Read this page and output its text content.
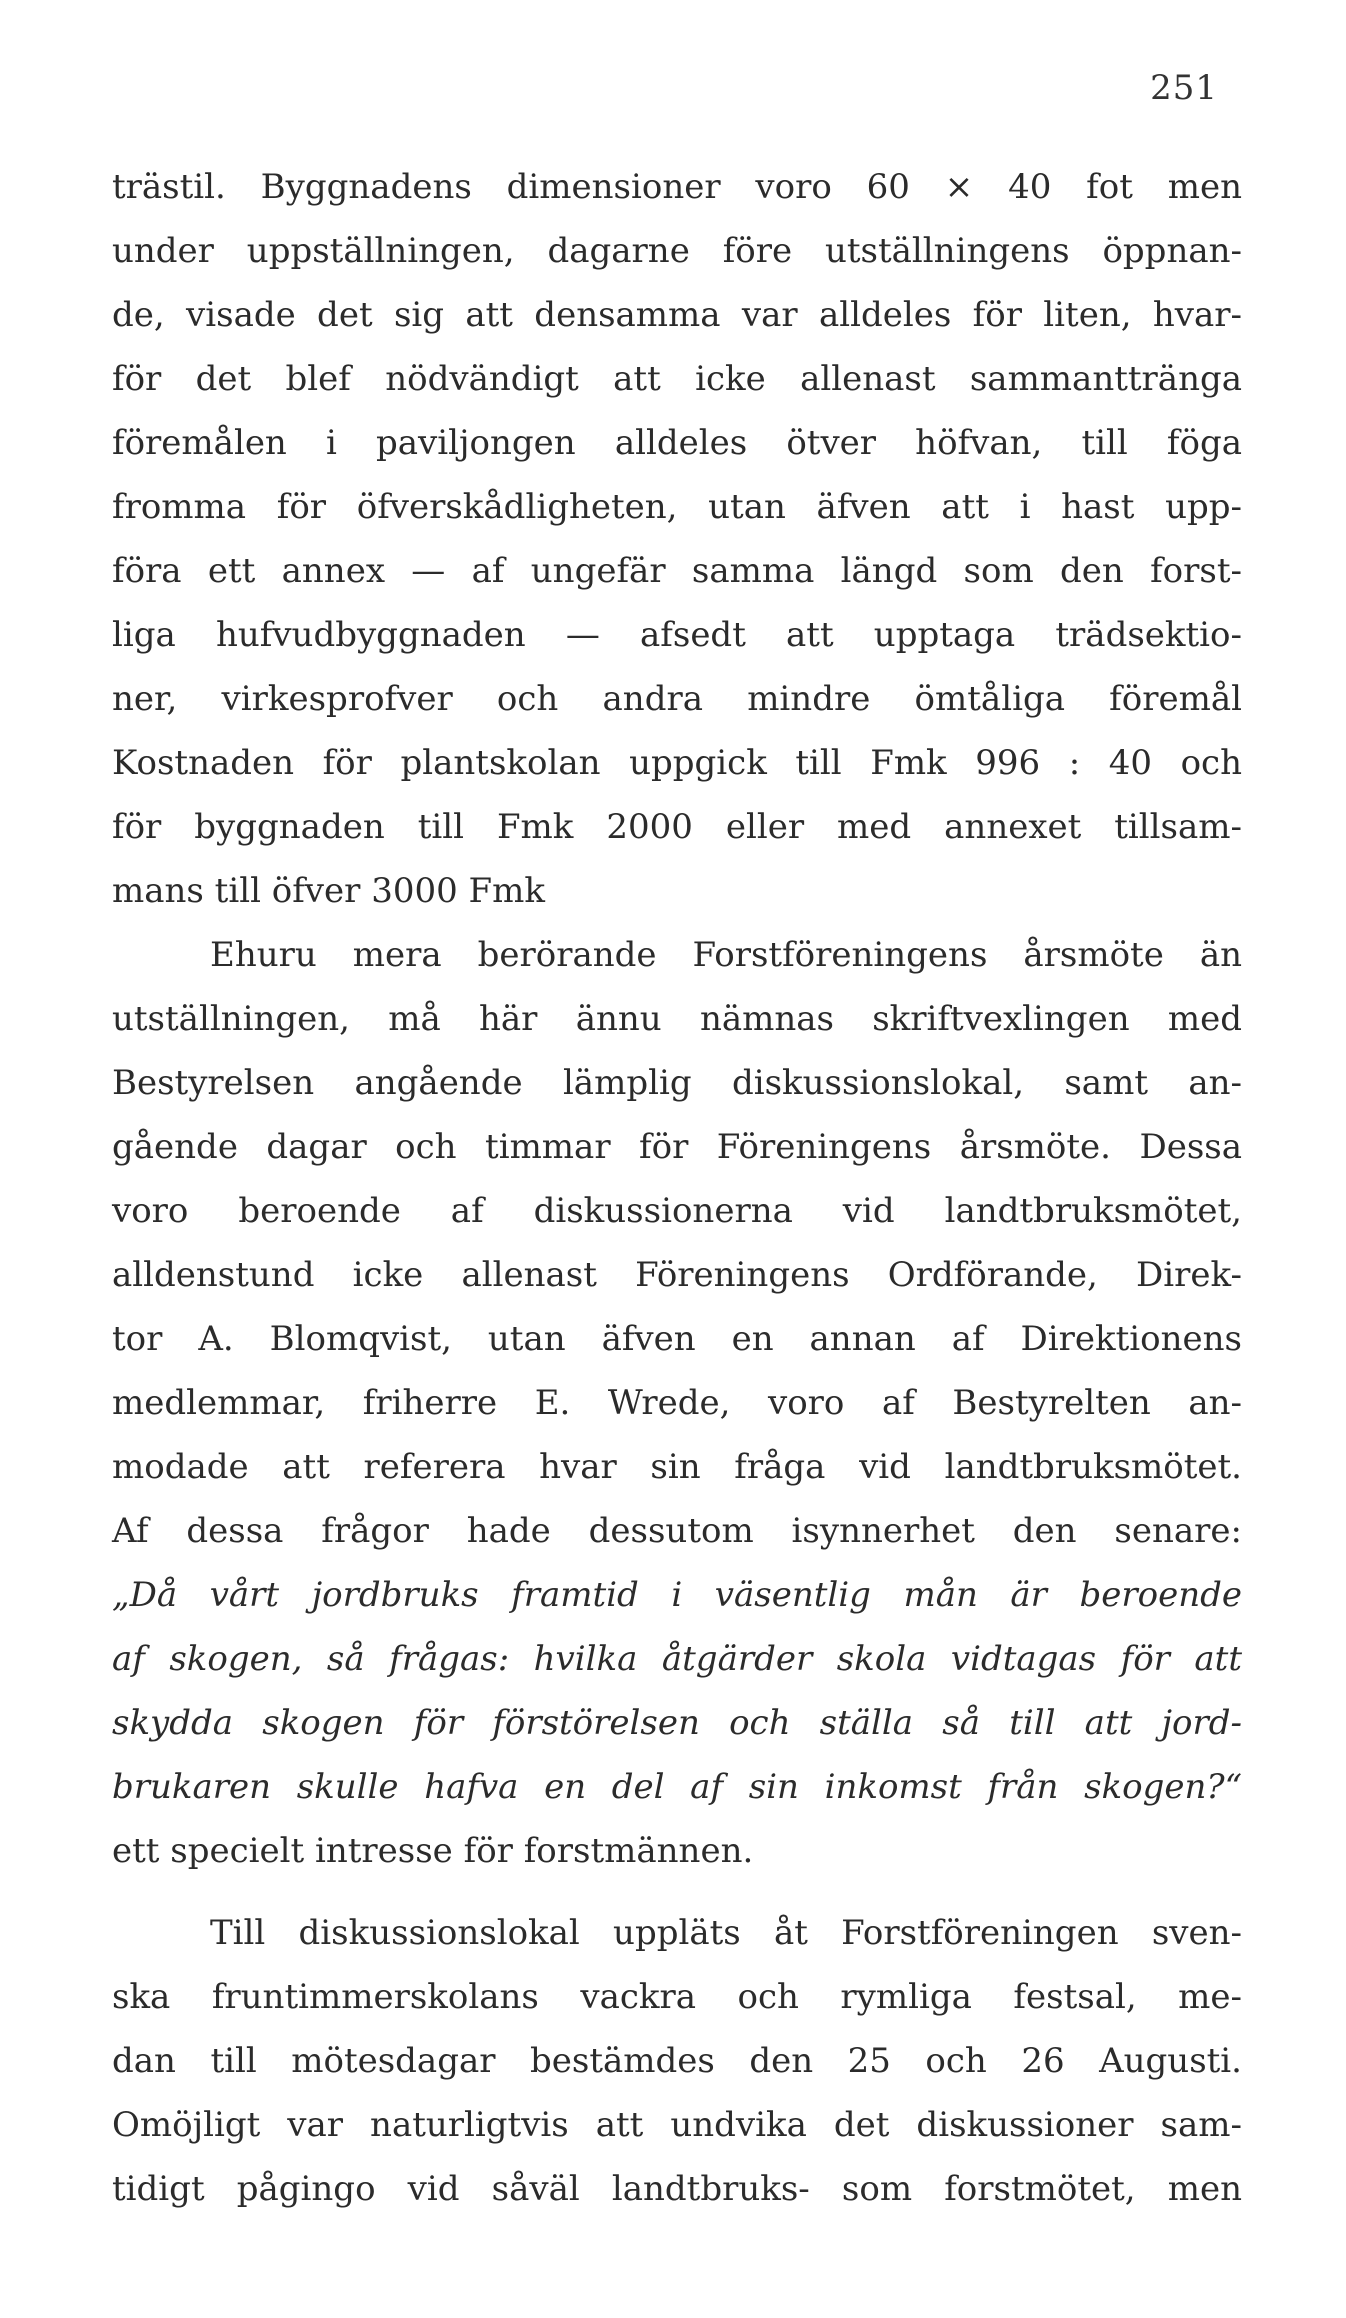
251
trästil. Byggnadens dimensioner voro 60 × 40 fot men
under uppställningen, dagarne före utställningens öppnan-
de, visade det sig att densamma var alldeles för liten, hvar-
för det blef nödvändigt att icke allenast sammanttränga
föremålen i paviljongen alldeles ötver höfvan, till föga
fromma för öfverskådligheten, utan äfven att i hast upp-
föra ett annex — af ungefär samma längd som den forst-
liga hufvudbyggnaden — afsedt att upptaga trädsektio-
ner, virkesprofver och andra mindre ömtåliga föremål
Kostnaden för plantskolan uppgick till Fmk 996 : 40 och
för byggnaden till Fmk 2000 eller med annexet tillsam-
mans till öfver 3000 Fmk
Ehuru mera berörande Forstföreningens årsmöte än
utställningen, må här ännu nämnas skriftvexlingen med
Bestyrelsen angående lämplig diskussionslokal, samt an-
gående dagar och timmar för Föreningens årsmöte. Dessa
voro beroende af diskussionerna vid landtbruksmötet,
alldenstund icke allenast Föreningens Ordförande, Direk-
tor A. Blomqvist, utan äfven en annan af Direktionens
medlemmar, friherre E. Wrede, voro af Bestyrelten an-
modade att referera hvar sin fråga vid landtbruksmötet.
Af dessa frågor hade dessutom isynnerhet den senare:
„Då vårt jordbruks framtid i väsentlig mån är beroende
af skogen, så frågas: hvilka åtgärder skola vidtagas för att
skydda skogen för förstörelsen och ställa så till att jord-
brukaren skulle hafva en del af sin inkomst från skogen?“
ett specielt intresse för forstmännen.
Till diskussionslokal uppläts åt Forstföreningen sven-
ska fruntimmerskolans vackra och rymliga festsal, me-
dan till mötesdagar bestämdes den 25 och 26 Augusti.
Omöjligt var naturligtvis att undvika det diskussioner sam-
tidigt pågingo vid såväl landtbruks- som forstmötet, men
